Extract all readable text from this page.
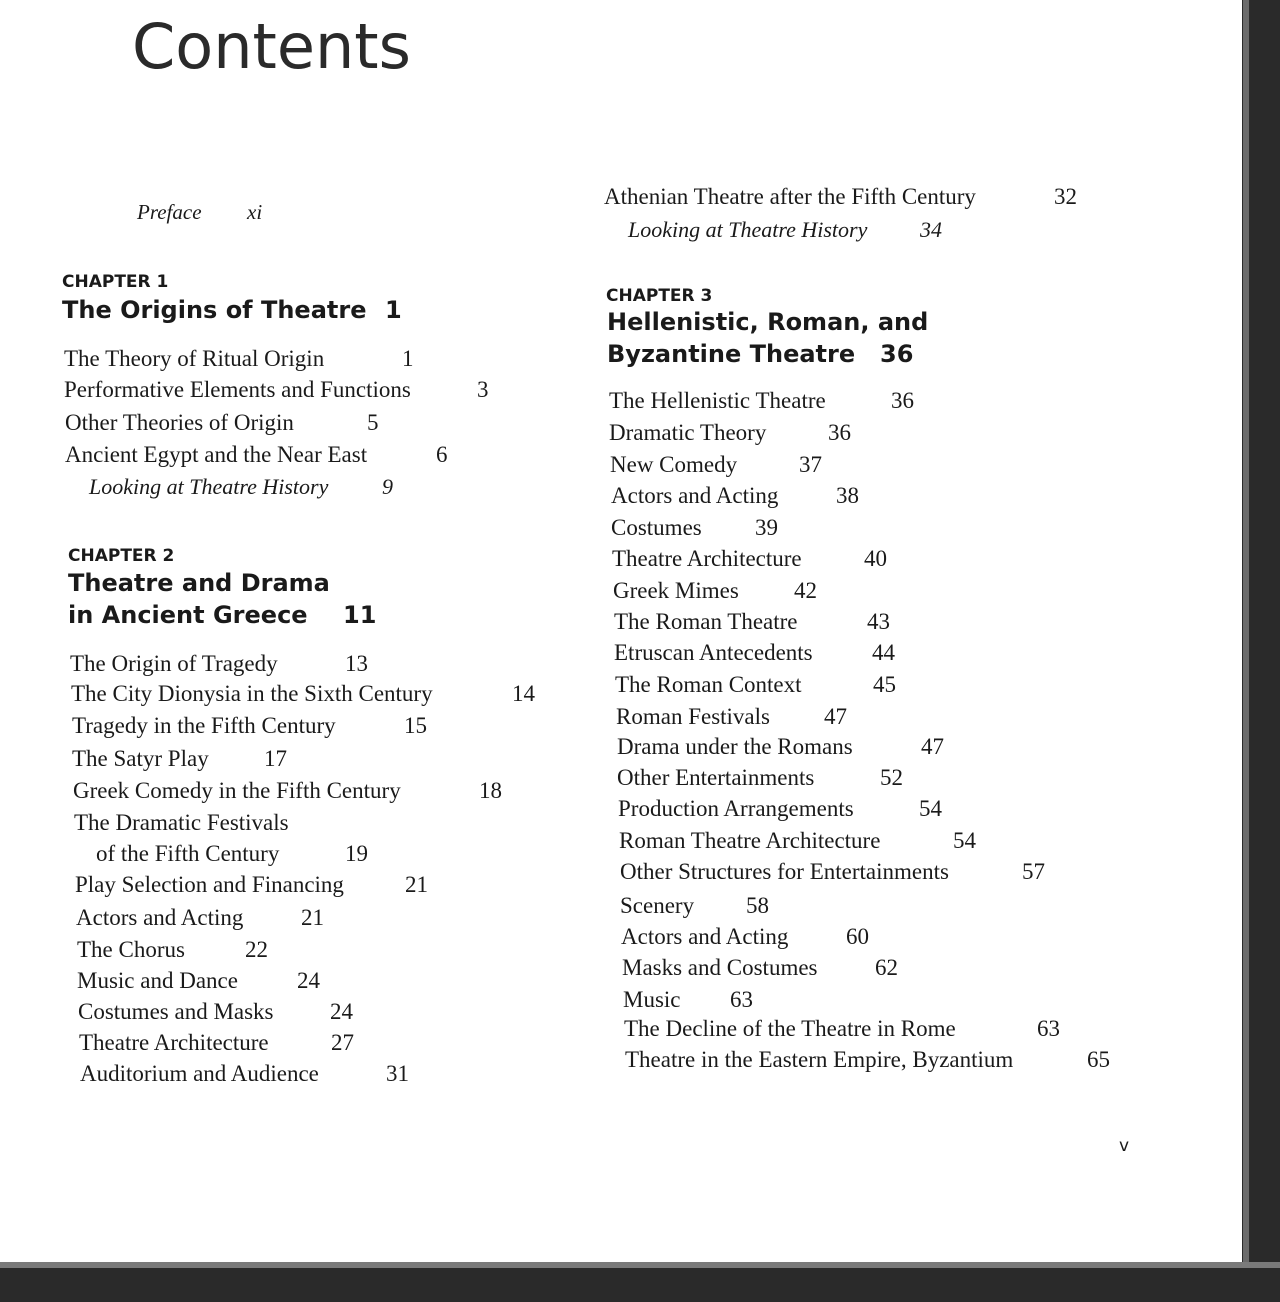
Contents
Preface xi
CHAPTER 1
The Origins of Theatre 1
The Theory of Ritual Origin	1
Performative Elements and Functions	3
Other Theories of Origin	5
Ancient Egypt and the Near East	6
Looking at Theatre History 9
CHAPTER 2
Theatre and Drama
in Ancient Greece	11
The Origin of Tragedy	13
The City Dionysia in the Sixth Century	14
Tragedy in the Fifth Century	15
The Satyr Play 17
Greek Comedy in the Fifth Century	18
The Dramatic Festivals
of the Fifth Century	19
Play Selection and Financing	21
Actors and Acting	21
The Chorus	22
Music and Dance	24
Costumes and Masks 24
Theatre Architecture	27
Auditorium and Audience	31
Athenian Theatre after the Fifth Century	32
Looking at Theatre History 34
CHAPTER 3
Hellenistic, Roman, and
Byzantine Theatre	36
The Hellenistic Theatre	36
Dramatic Theory	36
New Comedy	37
Actors and Acting	38
Costumes 39
Theatre Architecture	40
Greek Mimes 42
The Roman Theatre	43
Etruscan Antecedents	44
The Roman Context	45
Roman Festivals 47
Drama under the Romans	47
Other Entertainments	52
Production Arrangements	54
Roman Theatre Architecture	54
Other Structures for Entertainments	57
Scenery 58
Actors and Acting	60
Masks and Costumes	62
Music 63
The Decline of the Theatre in Rome	63
Theatre in the Eastern Empire, Byzantium	65
v
